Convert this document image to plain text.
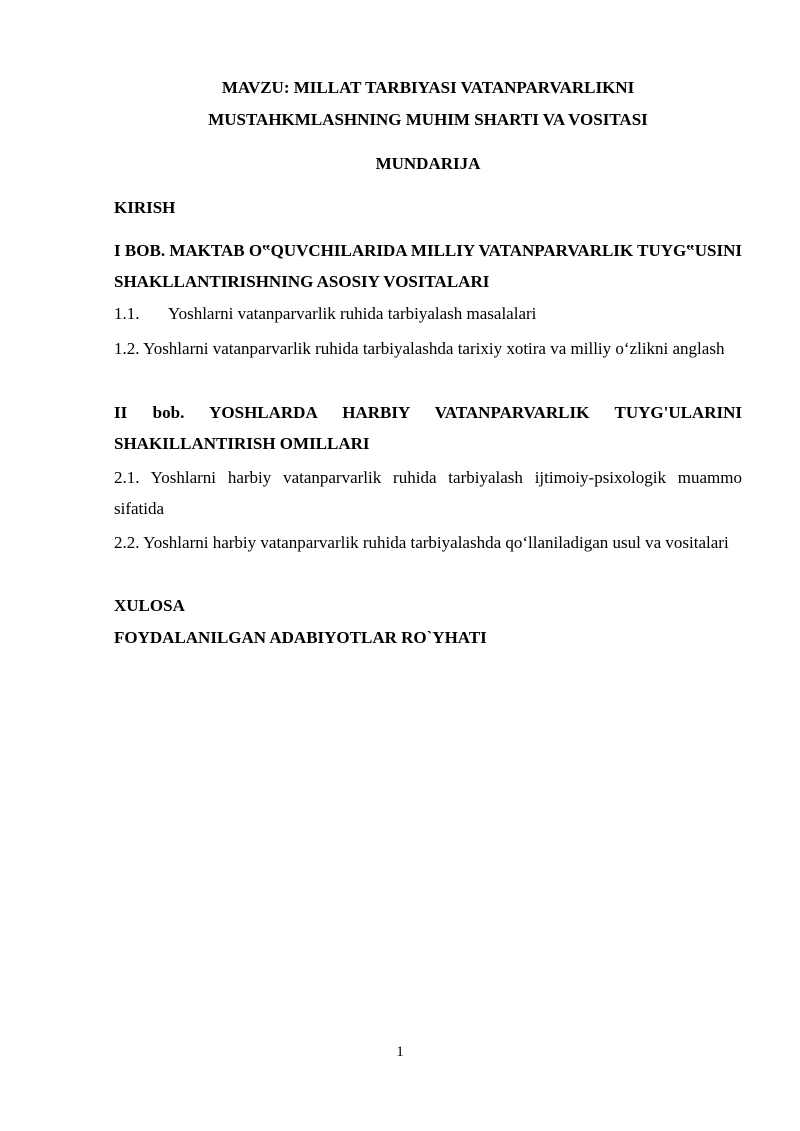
MAVZU: MILLAT TARBIYASI VATANPARVARLIKNI

MUSTAHKMLASHNING MUHIM SHARTI VA VOSITASI

MUNDARIJA

KIRISH

I BOB. MAKTAB O‟QUVCHILARIDA MILLIY VATANPARVARLIK TUYG‟USINI SHAKLLANTIRISHNING ASOSIY VOSITALARI

1.1. Yoshlarni vatanparvarlik ruhida tarbiyalash masalalari

1.2. Yoshlarni vatanparvarlik ruhida tarbiyalashda tarixiy xotira va milliy o‘zlikni anglash

II bob. YOSHLARDA HARBIY VATANPARVARLIK TUYG'ULARINI SHAKILLANTIRISH OMILLARI

2.1. Yoshlarni harbiy vatanparvarlik ruhida tarbiyalash ijtimoiy-psixologik muammo sifatida

2.2. Yoshlarni harbiy vatanparvarlik ruhida tarbiyalashda qo‘llaniladigan usul va vositalari

XULOSA

FOYDALANILGAN ADABIYOTLAR RO`YHATI

1
